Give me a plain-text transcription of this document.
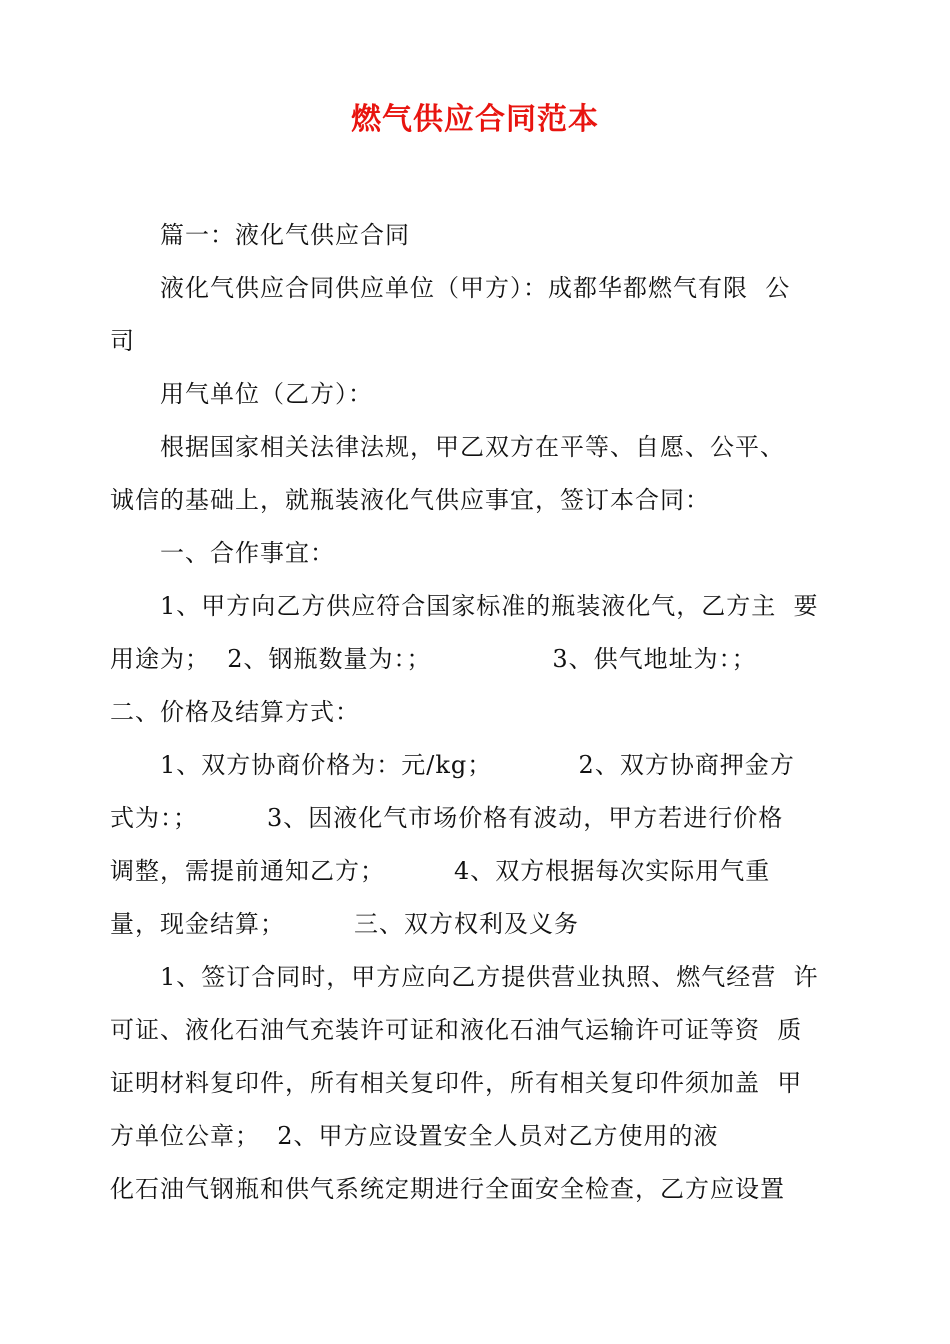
燃气供应合同范本
篇一：液化气供应合同
液化气供应合同供应单位（甲方）：成都华都燃气有限  公
司
用气单位（乙方）：
根据国家相关法律法规，甲乙双方在平等、自愿、公平、
诚信的基础上，就瓶装液化气供应事宜，签订本合同：
一、合作事宜：
1、甲方向乙方供应符合国家标准的瓶装液化气，乙方主  要
用途为；  2、钢瓶数量为：；              3、供气地址为：；
二、价格及结算方式：
1、双方协商价格为：元/kg；          2、双方协商押金方
式为：；        3、因液化气市场价格有波动，甲方若进行价格
调整，需提前通知乙方；        4、双方根据每次实际用气重
量，现金结算；        三、双方权利及义务
1、签订合同时，甲方应向乙方提供营业执照、燃气经营  许
可证、液化石油气充装许可证和液化石油气运输许可证等资  质
证明材料复印件，所有相关复印件，所有相关复印件须加盖  甲
方单位公章；  2、甲方应设置安全人员对乙方使用的液
化石油气钢瓶和供气系统定期进行全面安全检查，乙方应设置
